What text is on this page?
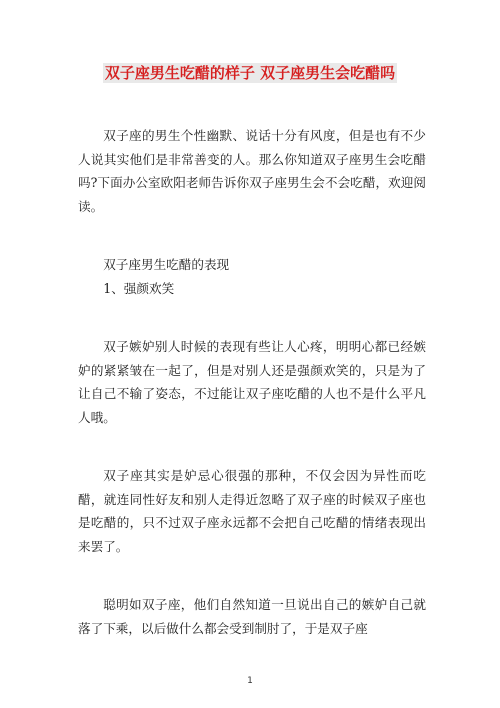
双子座男生吃醋的样子 双子座男生会吃醋吗

双子座的男生个性幽默、说话十分有风度，但是也有不少人说其实他们是非常善变的人。那么你知道双子座男生会吃醋吗?下面办公室欧阳老师告诉你双子座男生会不会吃醋，欢迎阅读。

双子座男生吃醋的表现

1、强颜欢笑

双子嫉妒别人时候的表现有些让人心疼，明明心都已经嫉妒的紧紧皱在一起了，但是对别人还是强颜欢笑的，只是为了让自己不输了姿态，不过能让双子座吃醋的人也不是什么平凡人哦。

双子座其实是妒忌心很强的那种，不仅会因为异性而吃醋，就连同性好友和别人走得近忽略了双子座的时候双子座也是吃醋的，只不过双子座永远都不会把自己吃醋的情绪表现出来罢了。

聪明如双子座，他们自然知道一旦说出自己的嫉妒自己就落了下乘，以后做什么都会受到制肘了，于是双子座

1
